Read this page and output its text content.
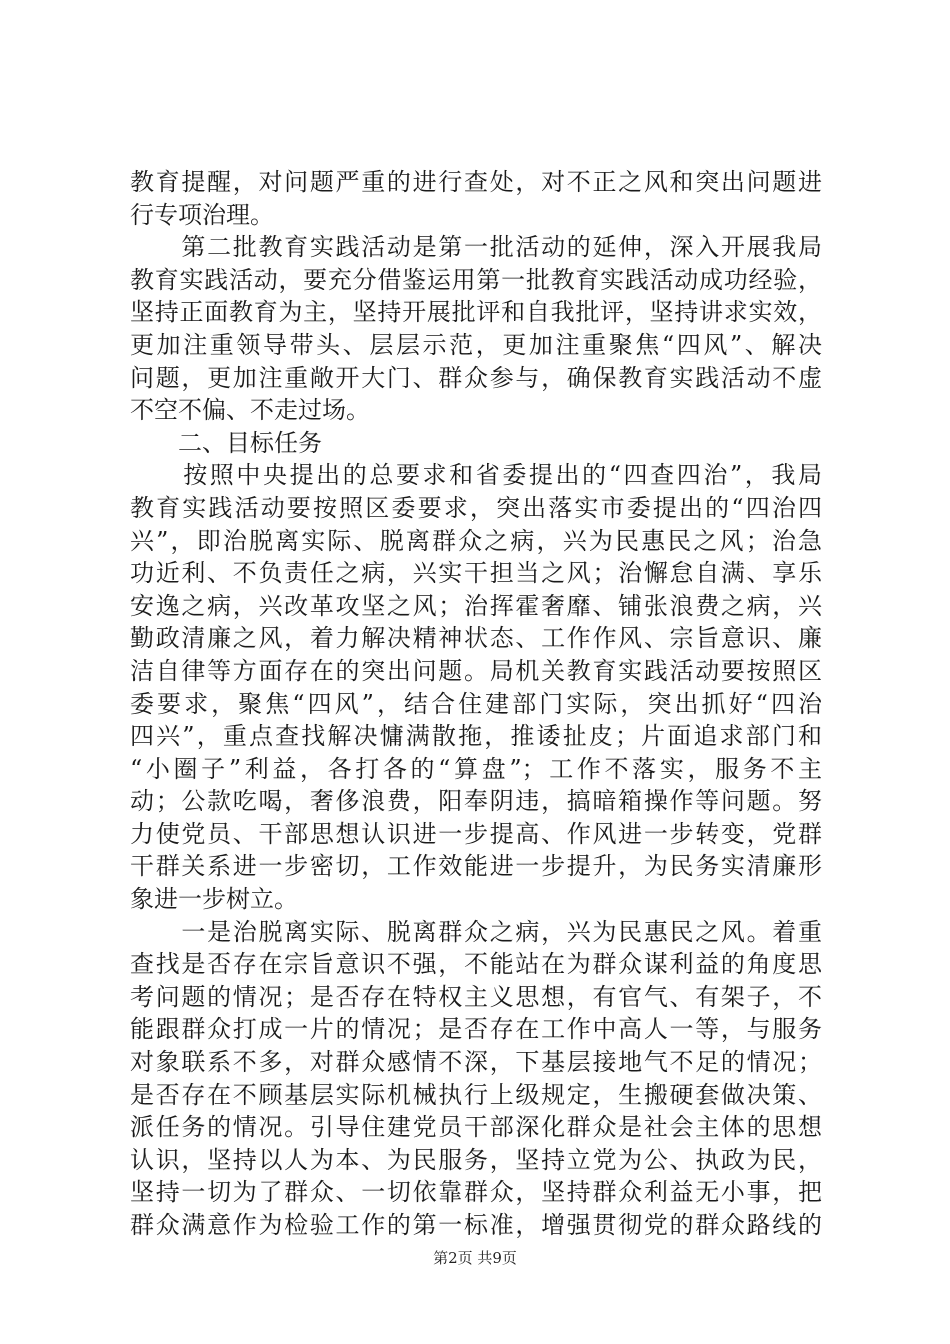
教育提醒，对问题严重的进行查处，对不正之风和突出问题进
行专项治理。
　　第二批教育实践活动是第一批活动的延伸，深入开展我局
教育实践活动，要充分借鉴运用第一批教育实践活动成功经验，
坚持正面教育为主，坚持开展批评和自我批评，坚持讲求实效，
更加注重领导带头、层层示范，更加注重聚焦“四风”、解决
问题，更加注重敞开大门、群众参与，确保教育实践活动不虚
不空不偏、不走过场。
　　二、目标任务
　　按照中央提出的总要求和省委提出的“四查四治”，我局
教育实践活动要按照区委要求，突出落实市委提出的“四治四
兴”，即治脱离实际、脱离群众之病，兴为民惠民之风；治急
功近利、不负责任之病，兴实干担当之风；治懈怠自满、享乐
安逸之病，兴改革攻坚之风；治挥霍奢靡、铺张浪费之病，兴
勤政清廉之风，着力解决精神状态、工作作风、宗旨意识、廉
洁自律等方面存在的突出问题。局机关教育实践活动要按照区
委要求，聚焦“四风”，结合住建部门实际，突出抓好“四治
四兴”，重点查找解决慵满散拖，推诿扯皮；片面追求部门和
“小圈子”利益，各打各的“算盘”；工作不落实，服务不主
动；公款吃喝，奢侈浪费，阳奉阴违，搞暗箱操作等问题。努
力使党员、干部思想认识进一步提高、作风进一步转变，党群
干群关系进一步密切，工作效能进一步提升，为民务实清廉形
象进一步树立。
　　一是治脱离实际、脱离群众之病，兴为民惠民之风。着重
查找是否存在宗旨意识不强，不能站在为群众谋利益的角度思
考问题的情况；是否存在特权主义思想，有官气、有架子，不
能跟群众打成一片的情况；是否存在工作中高人一等，与服务
对象联系不多，对群众感情不深，下基层接地气不足的情况；
是否存在不顾基层实际机械执行上级规定，生搬硬套做决策、
派任务的情况。引导住建党员干部深化群众是社会主体的思想
认识，坚持以人为本、为民服务，坚持立党为公、执政为民，
坚持一切为了群众、一切依靠群众，坚持群众利益无小事，把
群众满意作为检验工作的第一标准，增强贯彻党的群众路线的
第2页 共9页
